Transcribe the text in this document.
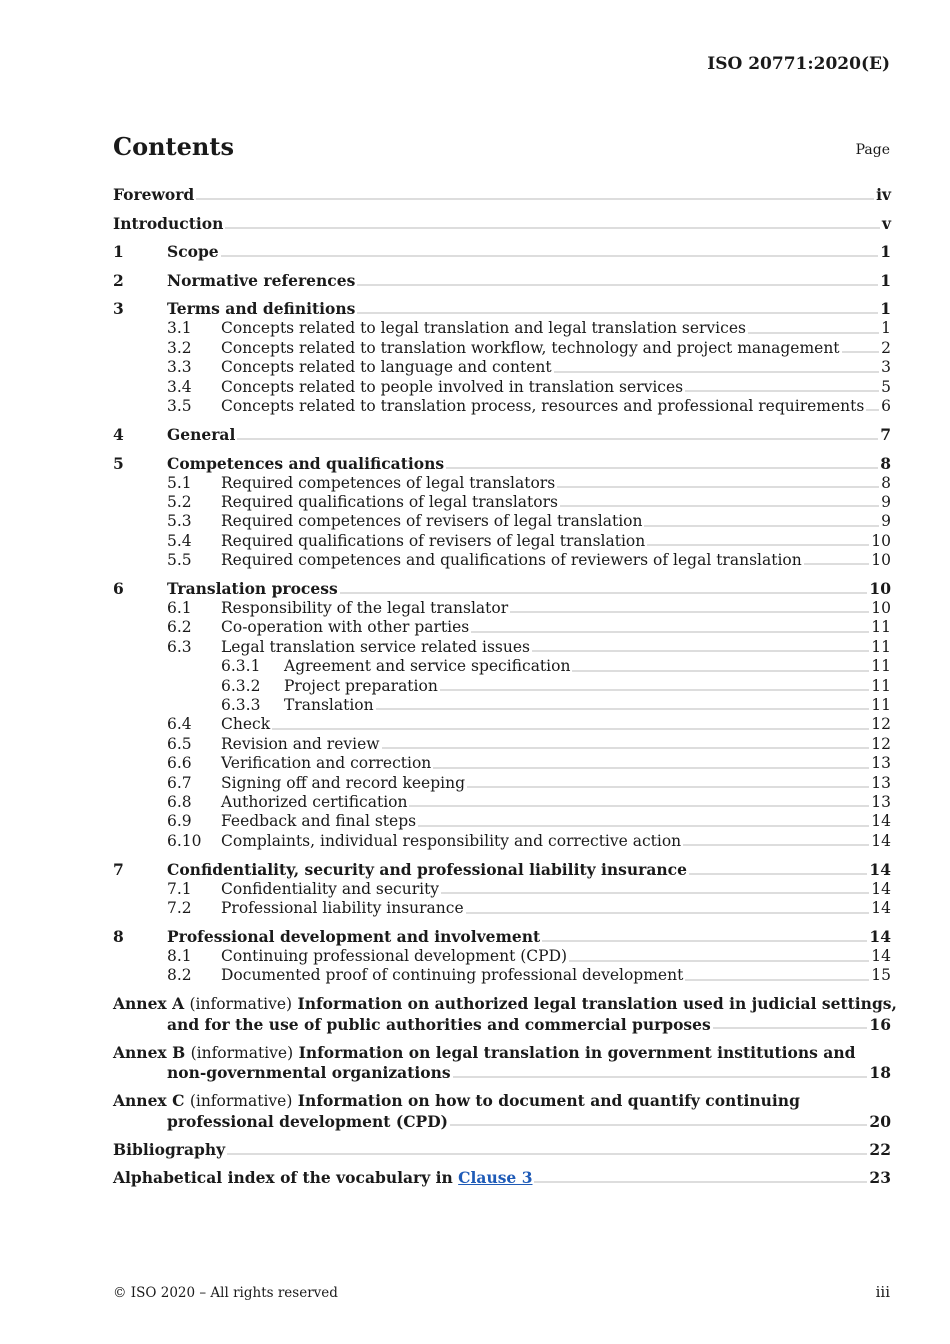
ISO 20771:2020(E)
Contents	Page
Foreword	iv
Introduction	v
1	Scope	1
2	Normative references	1
3	Terms and definitions	1
3.1	Concepts related to legal translation and legal translation services	1
3.2	Concepts related to translation workflow, technology and project management	2
3.3	Concepts related to language and content	3
3.4	Concepts related to people involved in translation services	5
3.5	Concepts related to translation process, resources and professional requirements 6
4	General	7
5	Competences and qualifications	8
5.1	Required competences of legal translators	8
5.2	Required qualifications of legal translators	9
5.3	Required competences of revisers of legal translation	9
5.4	Required qualifications of revisers of legal translation	10
5.5	Required competences and qualifications of reviewers of legal translation	10
6	Translation process	10
6.1	Responsibility of the legal translator	10
6.2	Co-operation with other parties	11
6.3	Legal translation service related issues	11
6.3.1	Agreement and service specification	11
6.3.2	Project preparation	11
6.3.3	Translation	11
6.4	Check	12
6.5	Revision and review	12
6.6	Verification and correction	13
6.7	Signing off and record keeping	13
6.8	Authorized certification	13
6.9	Feedback and final steps	14
6.10	Complaints, individual responsibility and corrective action	14
7	Confidentiality, security and professional liability insurance	14
7.1	Confidentiality and security	14
7.2	Professional liability insurance	14
8	Professional development and involvement	14
8.1	Continuing professional development (CPD)	14
8.2	Documented proof of continuing professional development	15
Annex A (informative) Information on authorized legal translation used in judicial settings,
and for the use of public authorities and commercial purposes	16
Annex B (informative) Information on legal translation in government institutions and
non-governmental organizations	18
Annex C (informative) Information on how to document and quantify continuing
professional development (CPD)	20
Bibliography	22
Alphabetical index of the vocabulary in
Clause 3	23
© ISO 2020 – All rights reserved	iii
